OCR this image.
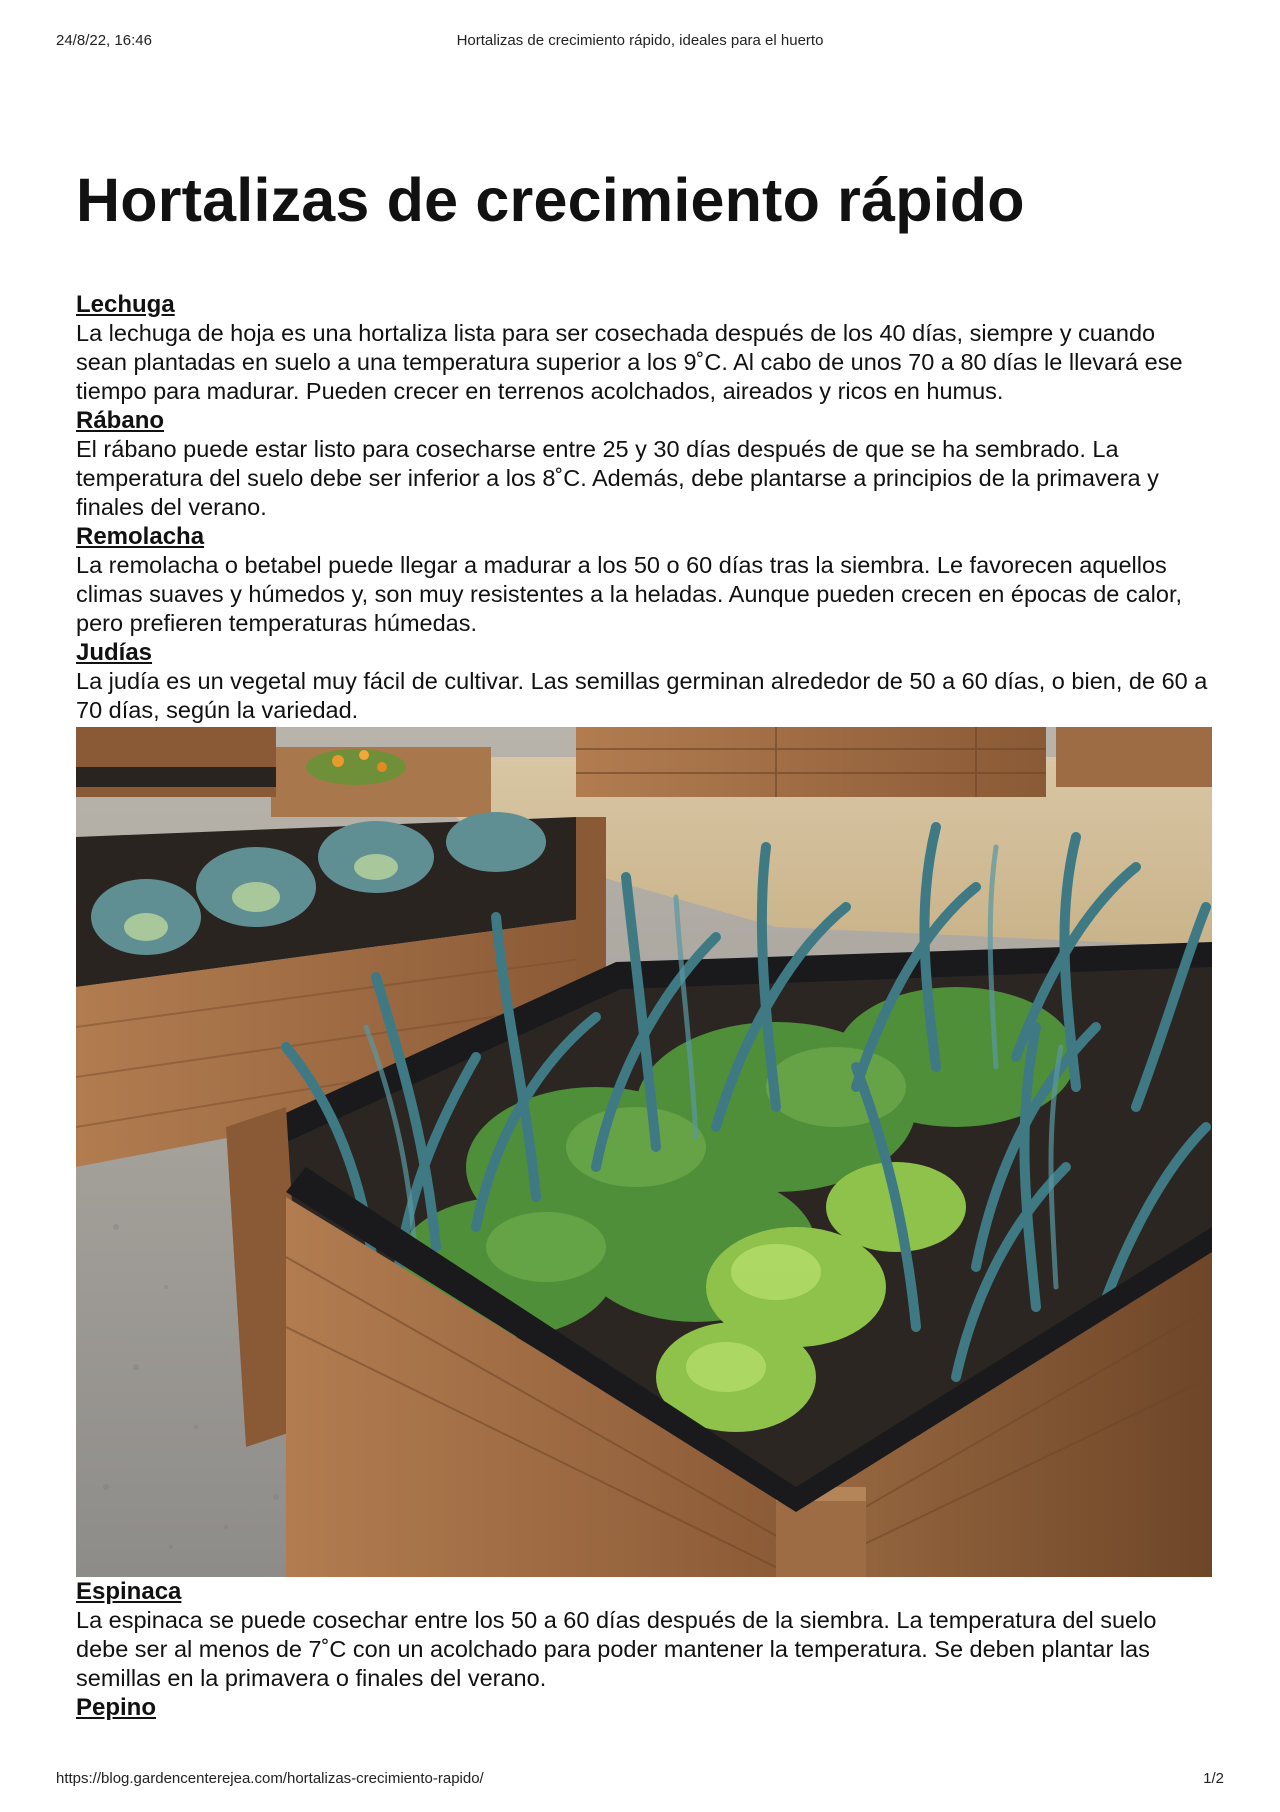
24/8/22, 16:46	Hortalizas de crecimiento rápido, ideales para el huerto
Hortalizas de crecimiento rápido
Lechuga

La lechuga de hoja es una hortaliza lista para ser cosechada después de los 40 días, siempre y cuando sean plantadas en suelo a una temperatura superior a los 9˚C. Al cabo de unos 70 a 80 días le llevará ese tiempo para madurar. Pueden crecer en terrenos acolchados, aireados y ricos en humus.

Rábano

El rábano puede estar listo para cosecharse entre 25 y 30 días después de que se ha sembrado. La temperatura del suelo debe ser inferior a los 8˚C. Además, debe plantarse a principios de la primavera y finales del verano.

Remolacha

La remolacha o betabel puede llegar a madurar a los 50 o 60 días tras la siembra. Le favorecen aquellos climas suaves y húmedos y, son muy resistentes a la heladas. Aunque pueden crecen en épocas de calor, pero prefieren temperaturas húmedas.

Judías

La judía es un vegetal muy fácil de cultivar. Las semillas germinan alrededor de 50 a 60 días, o bien, de 60 a 70 días, según la variedad.

Espinaca

La espinaca se puede cosechar entre los 50 a 60 días después de la siembra. La temperatura del suelo debe ser al menos de 7˚C con un acolchado para poder mantener la temperatura. Se deben plantar las semillas en la primavera o finales del verano.

Pepino
https://blog.gardencenterejea.com/hortalizas-crecimiento-rapido/	1/2
